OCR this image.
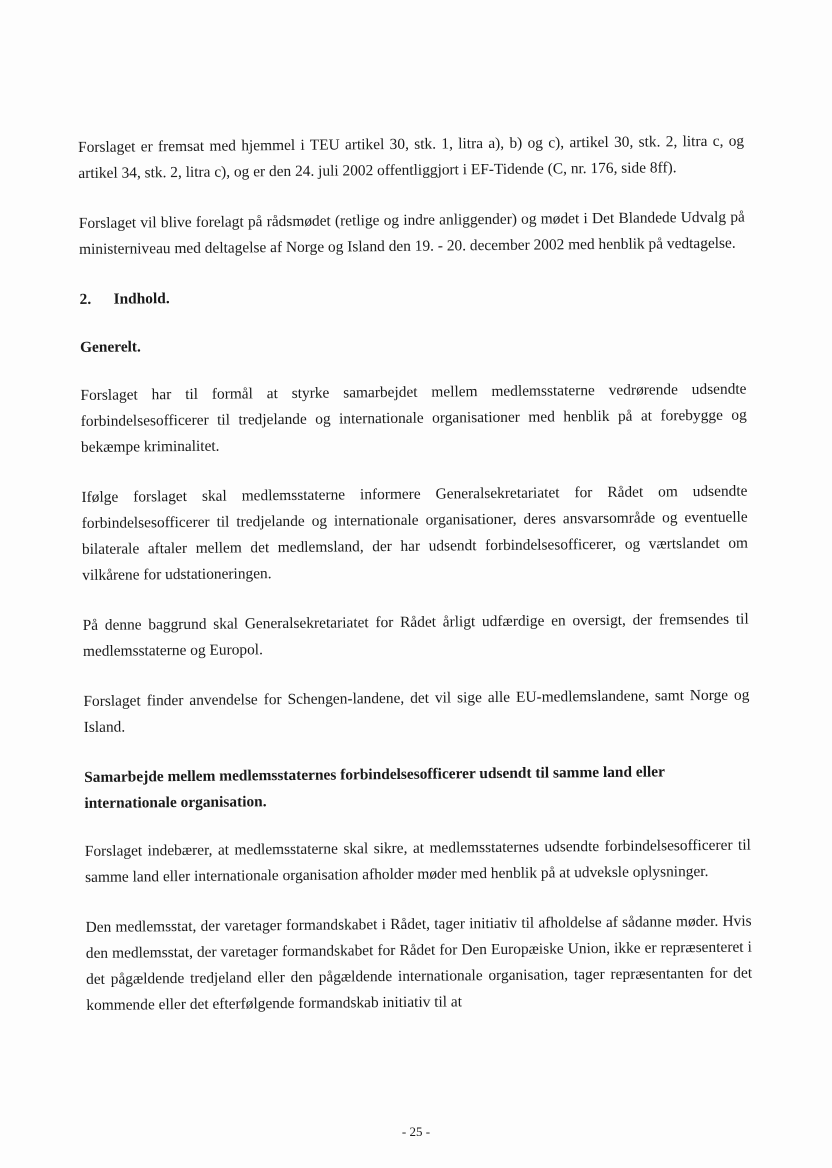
Forslaget er fremsat med hjemmel i TEU artikel 30, stk. 1, litra a), b) og c), artikel 30, stk. 2, litra c, og artikel 34, stk. 2, litra c), og er den 24. juli 2002 offentliggjort i EF-Tidende (C, nr. 176, side 8ff).

Forslaget vil blive forelagt på rådsmødet (retlige og indre anliggender) og mødet i Det Blandede Udvalg på ministerniveau med deltagelse af Norge og Island den 19. - 20. december 2002 med henblik på vedtagelse.

2. Indhold.
Generelt.

Forslaget har til formål at styrke samarbejdet mellem medlemsstaterne vedrørende udsendte forbindelsesofficerer til tredjelande og internationale organisationer med henblik på at forebygge og bekæmpe kriminalitet.

Ifølge forslaget skal medlemsstaterne informere Generalsekretariatet for Rådet om udsendte forbindelsesofficerer til tredjelande og internationale organisationer, deres ansvarsområde og eventuelle bilaterale aftaler mellem det medlemsland, der har udsendt forbindelsesofficerer, og værtslandet om vilkårene for udstationeringen.

På denne baggrund skal Generalsekretariatet for Rådet årligt udfærdige en oversigt, der fremsendes til medlemsstaterne og Europol.

Forslaget finder anvendelse for Schengen-landene, det vil sige alle EU-medlemslandene, samt Norge og Island.

Samarbejde mellem medlemsstaternes forbindelsesofficerer udsendt til samme land eller internationale organisation.

Forslaget indebærer, at medlemsstaterne skal sikre, at medlemsstaternes udsendte forbindelsesofficerer til samme land eller internationale organisation afholder møder med henblik på at udveksle oplysninger.

Den medlemsstat, der varetager formandskabet i Rådet, tager initiativ til afholdelse af sådanne møder. Hvis den medlemsstat, der varetager formandskabet for Rådet for Den Europæiske Union, ikke er repræsenteret i det pågældende tredjeland eller den pågældende internationale organisation, tager repræsentanten for det kommende eller det efterfølgende formandskab initiativ til at

- 25 -
